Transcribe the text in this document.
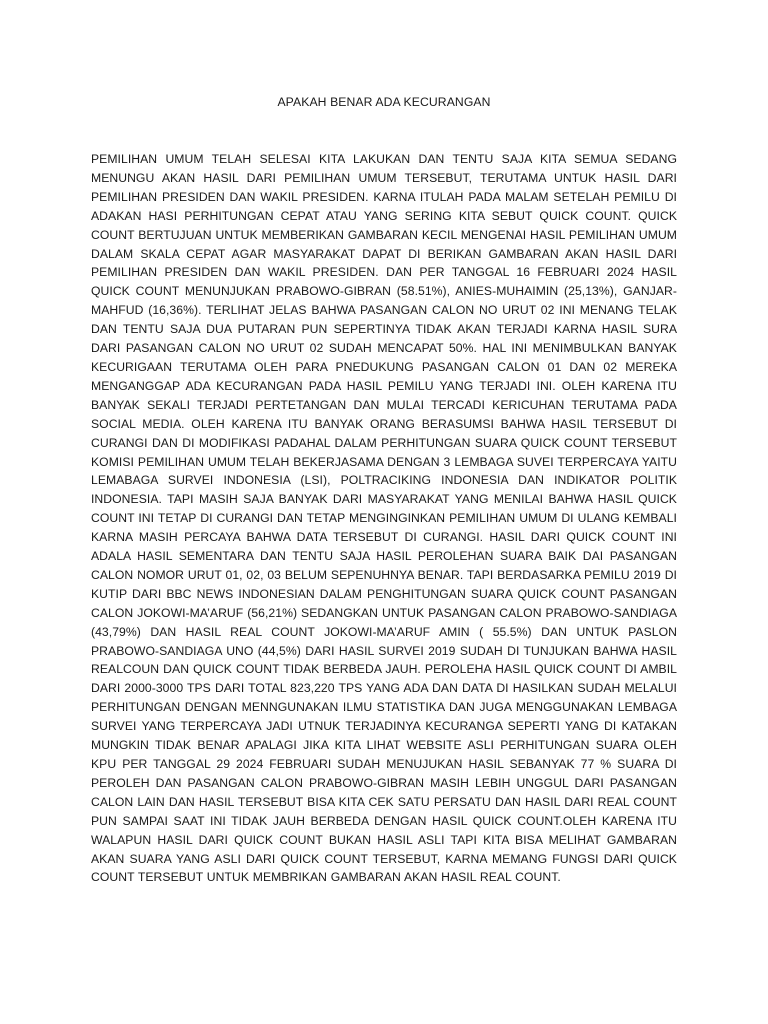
APAKAH BENAR ADA KECURANGAN

PEMILIHAN UMUM TELAH SELESAI KITA LAKUKAN DAN TENTU SAJA KITA SEMUA SEDANG MENUNGU AKAN HASIL DARI PEMILIHAN UMUM TERSEBUT, TERUTAMA UNTUK HASIL DARI PEMILIHAN PRESIDEN DAN WAKIL PRESIDEN. KARNA ITULAH PADA MALAM SETELAH PEMILU DI ADAKAN HASI PERHITUNGAN CEPAT ATAU YANG SERING KITA SEBUT QUICK COUNT. QUICK COUNT BERTUJUAN UNTUK MEMBERIKAN GAMBARAN KECIL MENGENAI HASIL PEMILIHAN UMUM DALAM SKALA CEPAT AGAR MASYARAKAT DAPAT DI BERIKAN GAMBARAN AKAN HASIL DARI PEMILIHAN PRESIDEN DAN WAKIL PRESIDEN. DAN PER TANGGAL 16 FEBRUARI 2024 HASIL QUICK COUNT MENUNJUKAN PRABOWO-GIBRAN (58.51%), ANIES-MUHAIMIN (25,13%), GANJAR-MAHFUD (16,36%). TERLIHAT JELAS BAHWA PASANGAN CALON NO URUT 02 INI MENANG TELAK DAN TENTU SAJA DUA PUTARAN PUN SEPERTINYA TIDAK AKAN TERJADI KARNA HASIL SURA DARI PASANGAN CALON NO URUT 02 SUDAH MENCAPAT 50%. HAL INI MENIMBULKAN BANYAK KECURIGAAN TERUTAMA OLEH PARA PNEDUKUNG PASANGAN CALON 01 DAN 02 MEREKA MENGANGGAP ADA KECURANGAN PADA HASIL PEMILU YANG TERJADI INI. OLEH KARENA ITU BANYAK SEKALI TERJADI PERTETANGAN DAN MULAI TERCADI KERICUHAN TERUTAMA PADA SOCIAL MEDIA. OLEH KARENA ITU BANYAK ORANG BERASUMSI BAHWA HASIL TERSEBUT DI CURANGI DAN DI MODIFIKASI PADAHAL DALAM PERHITUNGAN SUARA QUICK COUNT TERSEBUT KOMISI PEMILIHAN UMUM TELAH BEKERJASAMA DENGAN 3 LEMBAGA SUVEI TERPERCAYA YAITU LEMABAGA SURVEI INDONESIA (LSI), POLTRACIKING INDONESIA DAN INDIKATOR POLITIK INDONESIA. TAPI MASIH SAJA BANYAK DARI MASYARAKAT YANG MENILAI BAHWA HASIL QUICK COUNT INI TETAP DI CURANGI DAN TETAP MENGINGINKAN PEMILIHAN UMUM DI ULANG KEMBALI KARNA MASIH PERCAYA BAHWA DATA TERSEBUT DI CURANGI. HASIL DARI QUICK COUNT INI ADALA HASIL SEMENTARA DAN TENTU SAJA HASIL PEROLEHAN SUARA BAIK DAI PASANGAN CALON NOMOR URUT 01, 02, 03 BELUM SEPENUHNYA BENAR. TAPI BERDASARKA PEMILU 2019 DI KUTIP DARI BBC NEWS INDONESIAN DALAM PENGHITUNGAN SUARA QUICK COUNT PASANGAN CALON JOKOWI-MA’ARUF (56,21%) SEDANGKAN UNTUK PASANGAN CALON PRABOWO-SANDIAGA (43,79%) DAN HASIL REAL COUNT JOKOWI-MA’ARUF AMIN ( 55.5%) DAN UNTUK PASLON PRABOWO-SANDIAGA UNO (44,5%) DARI HASIL SURVEI 2019 SUDAH DI TUNJUKAN BAHWA HASIL REALCOUN DAN QUICK COUNT TIDAK BERBEDA JAUH. PEROLEHA HASIL QUICK COUNT DI AMBIL DARI 2000-3000 TPS DARI TOTAL 823,220 TPS YANG ADA DAN DATA DI HASILKAN SUDAH MELALUI PERHITUNGAN DENGAN MENNGUNAKAN ILMU STATISTIKA DAN JUGA MENGGUNAKAN LEMBAGA SURVEI YANG TERPERCAYA JADI UTNUK TERJADINYA KECURANGA SEPERTI YANG DI KATAKAN MUNGKIN TIDAK BENAR APALAGI JIKA KITA LIHAT WEBSITE ASLI PERHITUNGAN SUARA OLEH KPU PER TANGGAL 29 2024 FEBRUARI SUDAH MENUJUKAN HASIL SEBANYAK 77 % SUARA DI PEROLEH DAN PASANGAN CALON PRABOWO-GIBRAN MASIH LEBIH UNGGUL DARI PASANGAN CALON LAIN DAN HASIL TERSEBUT BISA KITA CEK SATU PERSATU DAN HASIL DARI REAL COUNT PUN SAMPAI SAAT INI TIDAK JAUH BERBEDA DENGAN HASIL QUICK COUNT.OLEH KARENA ITU WALAPUN HASIL DARI QUICK COUNT BUKAN HASIL ASLI TAPI KITA BISA MELIHAT GAMBARAN AKAN SUARA YANG ASLI DARI QUICK COUNT TERSEBUT, KARNA MEMANG FUNGSI DARI QUICK COUNT TERSEBUT UNTUK MEMBRIKAN GAMBARAN AKAN HASIL REAL COUNT.
